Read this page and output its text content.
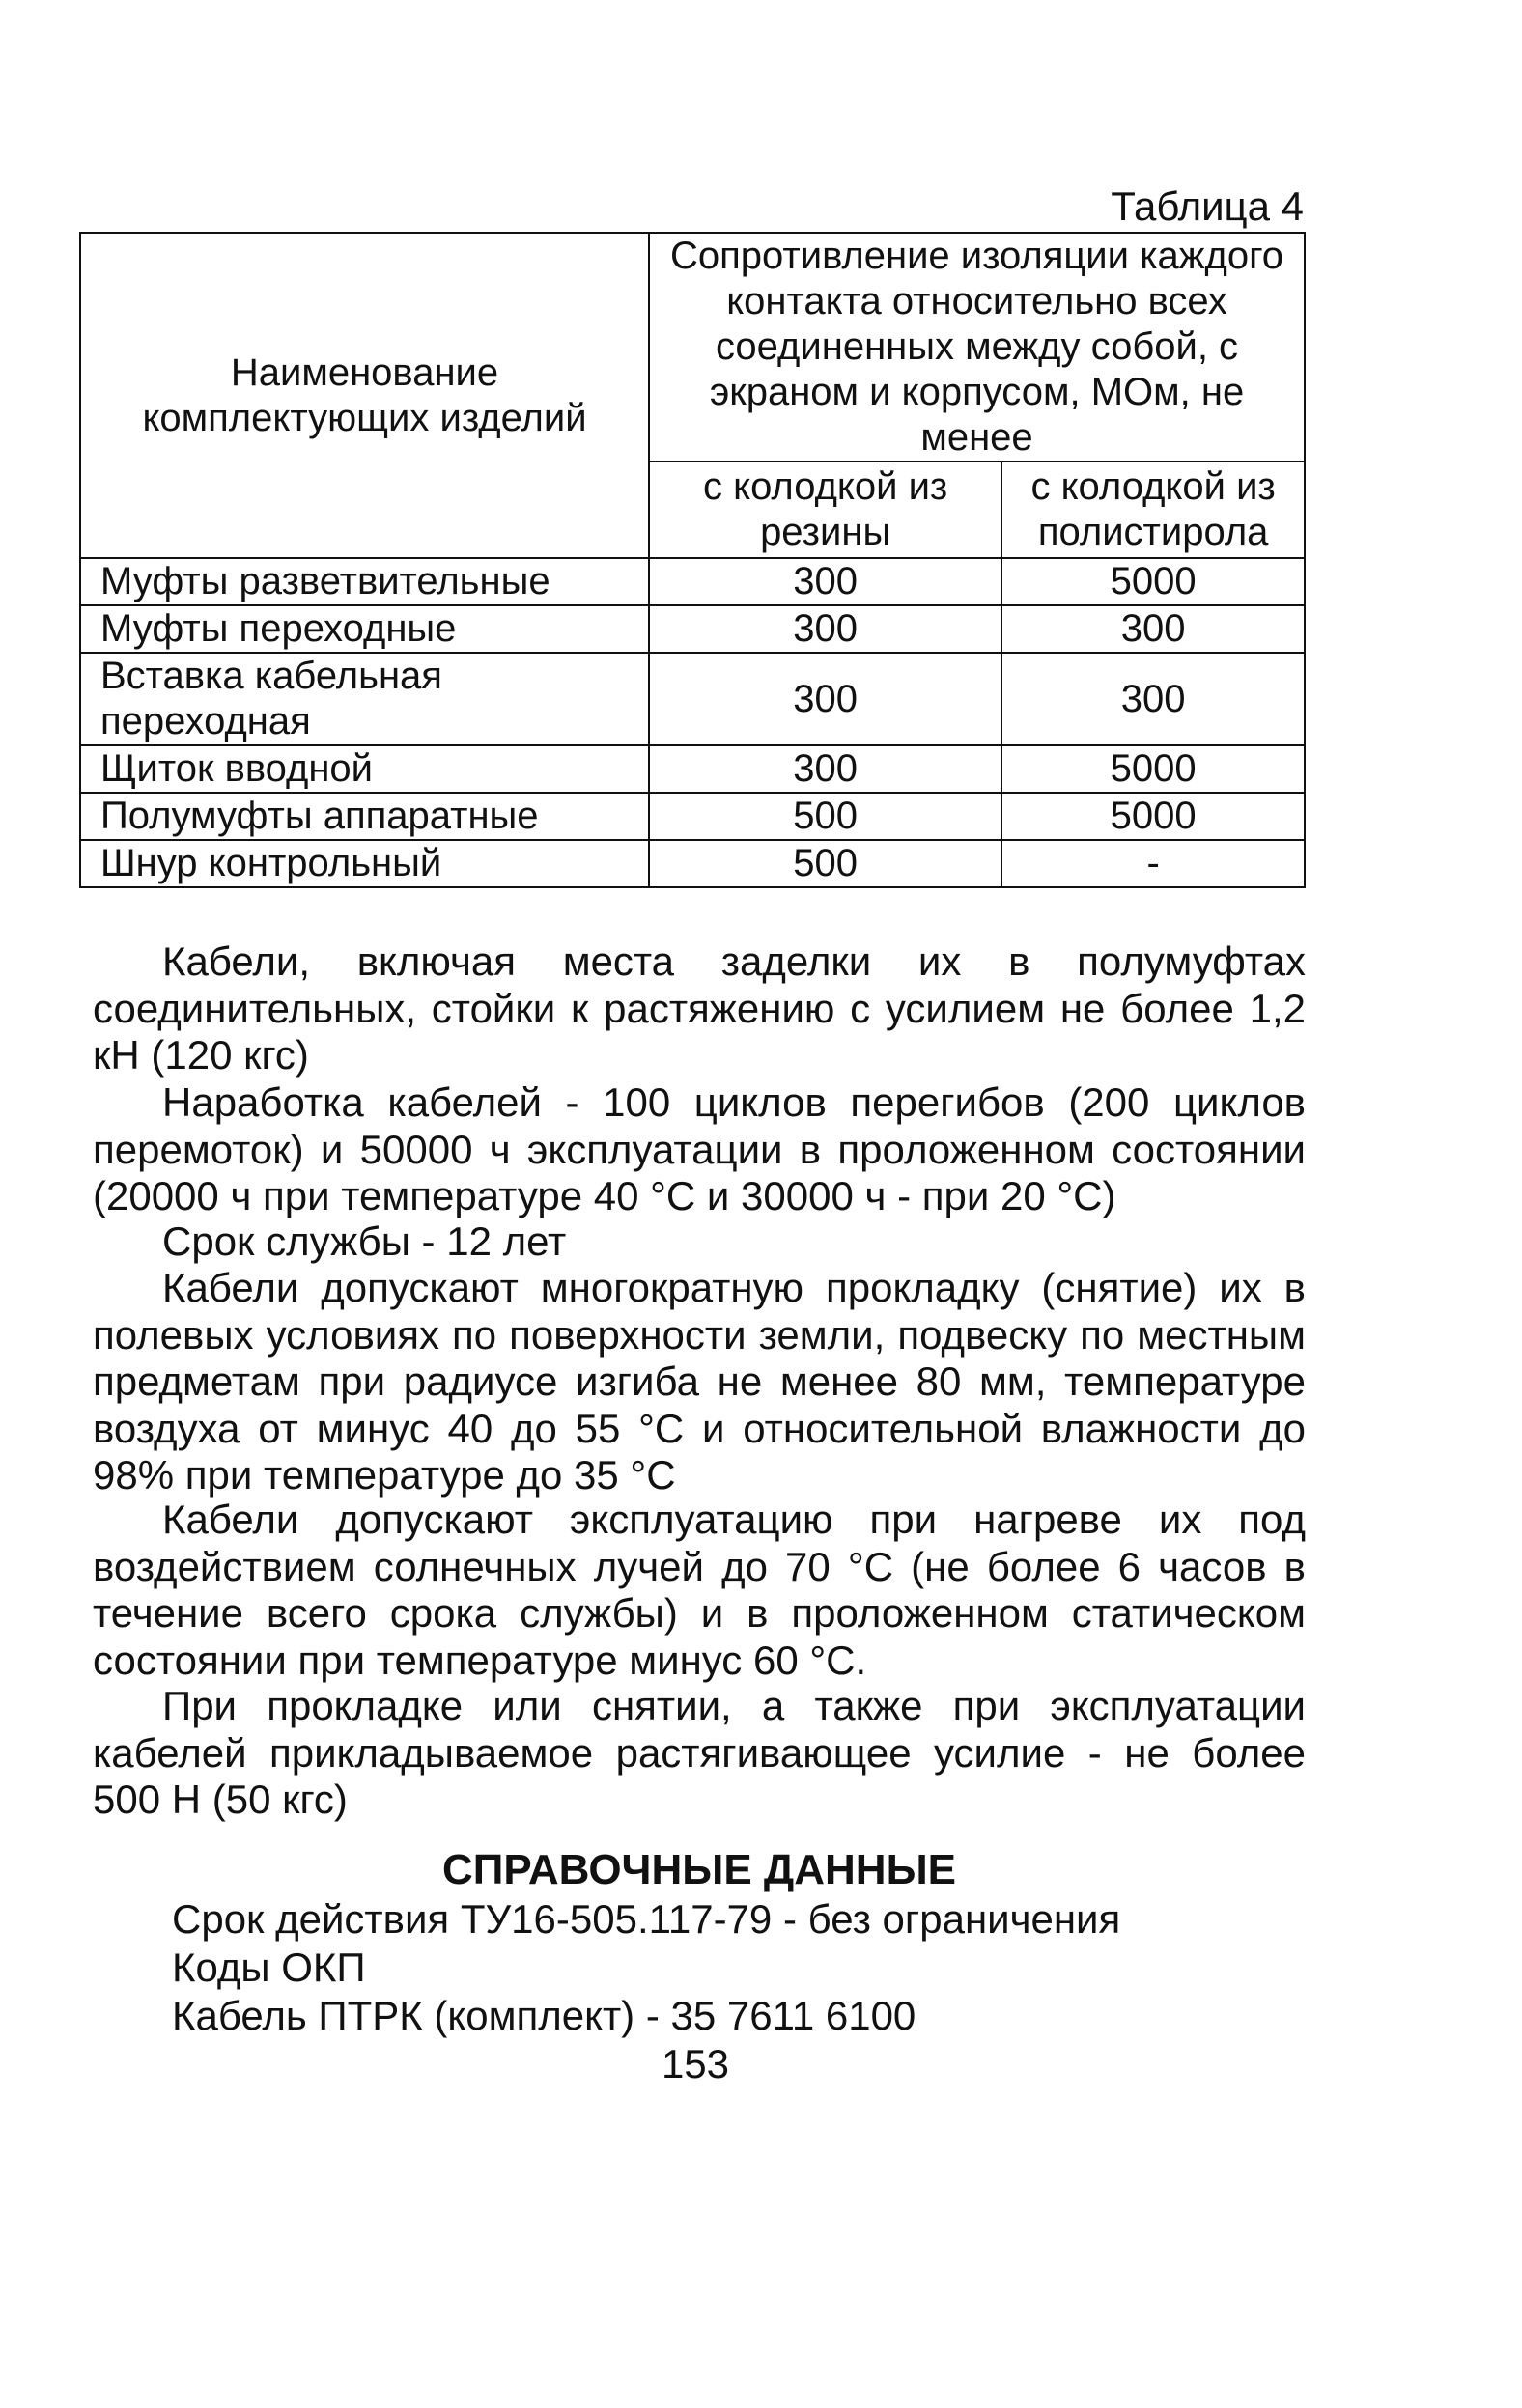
Таблица 4
Наименование комплектующих изделий	Сопротивление изоляции каждого контакта относительно всех соединенных между собой, с экраном и корпусом, МОм, не менее	
	с колодкой из резины	с колодкой из полистирола
Муфты разветвительные	300	5000
Муфты переходные	300	300
Вставка кабельная переходная	300	300
Щиток вводной	300	5000
Полумуфты аппаратные	500	5000
Шнур контрольный	500	-

Кабели, включая места заделки их в полумуфтах соединительных, стойки к растяжению с усилием не более 1,2 кН (120 кгс)

Наработка кабелей - 100 циклов перегибов (200 циклов перемоток) и 50000 ч эксплуатации в проложенном состоянии (20000 ч при температуре 40 °С и 30000 ч - при 20 °С)

Срок службы - 12 лет

Кабели допускают многократную прокладку (снятие) их в полевых условиях по поверхности земли, подвеску по местным предметам при радиусе изгиба не менее 80 мм, температуре воздуха от минус 40 до 55 °С и относительной влажности до 98% при температуре до 35 °С

Кабели допускают эксплуатацию при нагреве их под воздействием солнечных лучей до 70 °С (не более 6 часов в течение всего срока службы) и в проложенном статическом состоянии при температуре минус 60 °С.

При прокладке или снятии, а также при эксплуатации кабелей прикладываемое растягивающее усилие - не более 500 Н (50 кгс)

СПРАВОЧНЫЕ ДАННЫЕ

Срок действия ТУ16-505.117-79 - без ограничения

Коды ОКП

Кабель ПТРК (комплект) - 35 7611 6100

153
